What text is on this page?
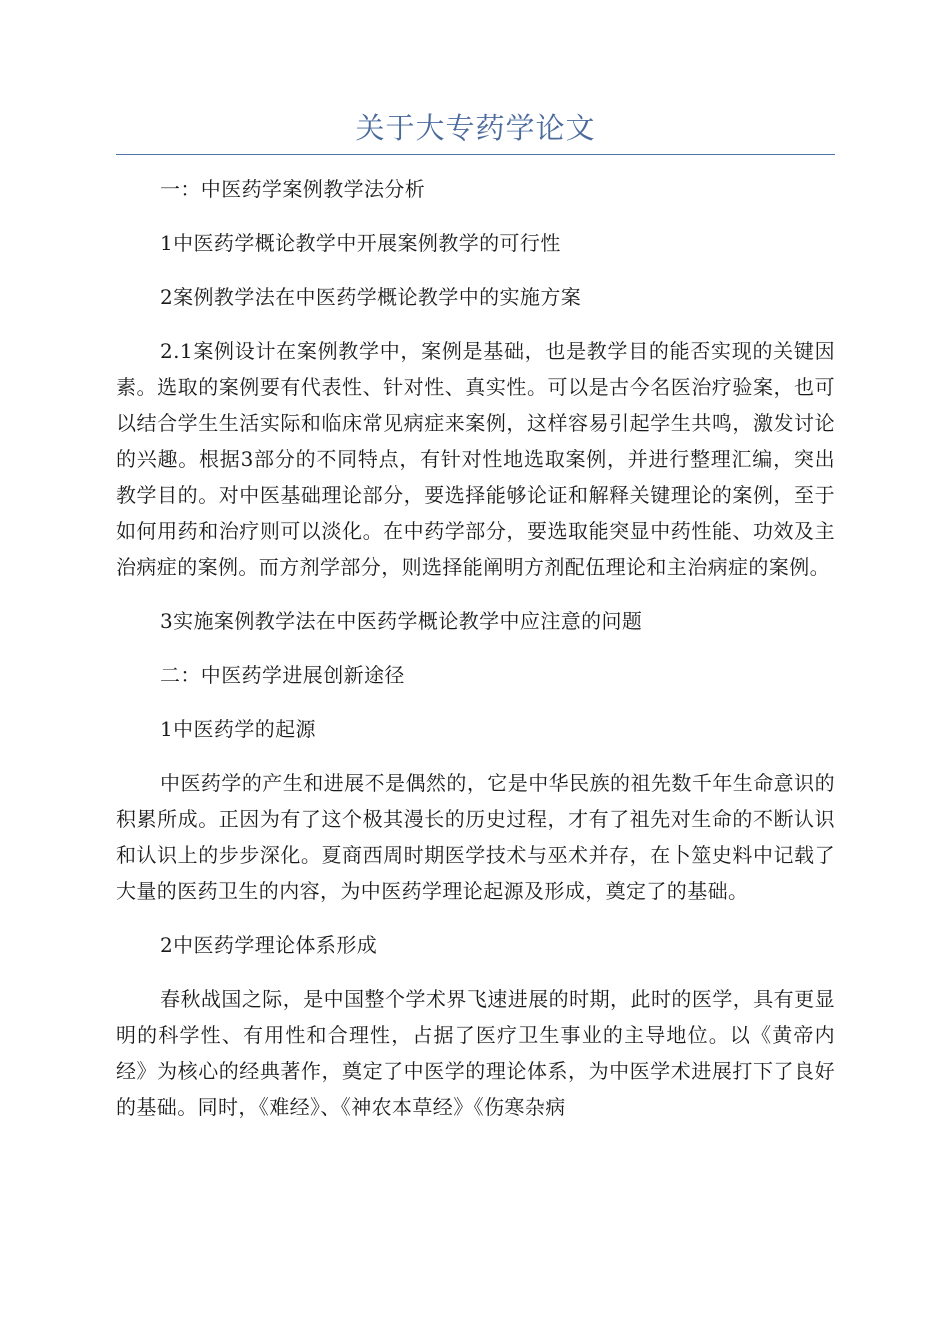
关于大专药学论文

一：中医药学案例教学法分析

1中医药学概论教学中开展案例教学的可行性

2案例教学法在中医药学概论教学中的实施方案

2.1案例设计在案例教学中，案例是基础，也是教学目的能否实现的关键因素。选取的案例要有代表性、针对性、真实性。可以是古今名医治疗验案，也可以结合学生生活实际和临床常见病症来案例，这样容易引起学生共鸣，激发讨论的兴趣。根据3部分的不同特点，有针对性地选取案例，并进行整理汇编，突出教学目的。对中医基础理论部分，要选择能够论证和解释关键理论的案例，至于如何用药和治疗则可以淡化。在中药学部分，要选取能突显中药性能、功效及主治病症的案例。而方剂学部分，则选择能阐明方剂配伍理论和主治病症的案例。

3实施案例教学法在中医药学概论教学中应注意的问题

二：中医药学进展创新途径

1中医药学的起源

中医药学的产生和进展不是偶然的，它是中华民族的祖先数千年生命意识的积累所成。正因为有了这个极其漫长的历史过程，才有了祖先对生命的不断认识和认识上的步步深化。夏商西周时期医学技术与巫术并存，在卜筮史料中记载了大量的医药卫生的内容，为中医药学理论起源及形成，奠定了的基础。

2中医药学理论体系形成

春秋战国之际，是中国整个学术界飞速进展的时期，此时的医学，具有更显明的科学性、有用性和合理性，占据了医疗卫生事业的主导地位。以《黄帝内经》为核心的经典著作，奠定了中医学的理论体系，为中医学术进展打下了良好的基础。同时，《难经》、《神农本草经》《伤寒杂病
